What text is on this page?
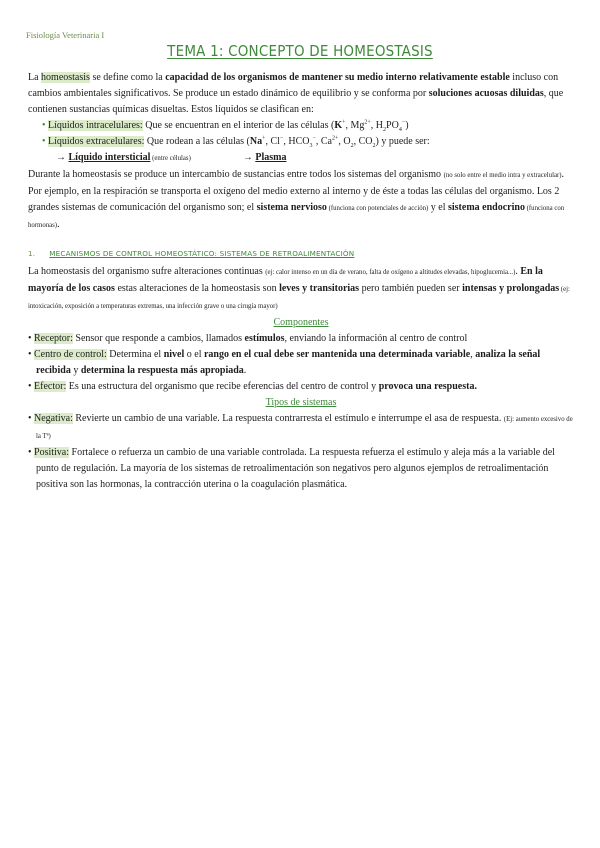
Fisiología Veterinaria I
TEMA 1: CONCEPTO DE HOMEOSTASIS

La homeostasis se define como la capacidad de los organismos de mantener su medio interno relativamente estable incluso con cambios ambientales significativos. Se produce un estado dinámico de equilibrio y se conforma por soluciones acuosas diluidas, que contienen sustancias químicas disueltas. Estos líquidos se clasifican en:

• Líquidos intracelulares: Que se encuentran en el interior de las células (K+, $Mg^{2+}$, $H_2PO_4^-$)

• Líquidos extracelulares: Que rodean a las células (Na+, Cl−, $HCO_3^-$, $Ca^{2+}$, $O_2$, $CO_2$) y puede ser:

→ Líquido intersticial (entre células)	→ Plasma

Durante la homeostasis se produce un intercambio de sustancias entre todos los sistemas del organismo (no solo entre el medio intra y extracelular). Por ejemplo, en la respiración se transporta el oxígeno del medio externo al interno y de éste a todas las células del organismo. Los 2 grandes sistemas de comunicación del organismo son; el sistema nervioso (funciona con potenciales de acción) y el sistema endocrino (funciona con hormonas).

1. MECANISMOS DE CONTROL HOMEOSTÁTICO: SISTEMAS DE RETROALIMENTACIÓN

La homeostasis del organismo sufre alteraciones continuas (ej: calor intenso en un día de verano, falta de oxígeno a altitudes elevadas, hipoglucemia...). En la mayoría de los casos estas alteraciones de la homeostasis son leves y transitorias pero también pueden ser intensas y prolongadas (ej: intoxicación, exposición a temperaturas extremas, una infección grave o una cirugía mayor)

Componentes

• Receptor: Sensor que responde a cambios, llamados estímulos, enviando la información al centro de control

• Centro de control: Determina el nivel o el rango en el cual debe ser mantenida una determinada variable, analiza la señal recibida y determina la respuesta más apropiada.

• Efector: Es una estructura del organismo que recibe eferencias del centro de control y provoca una respuesta.

Tipos de sistemas

• Negativa: Revierte un cambio de una variable. La respuesta contrarresta el estímulo e interrumpe el asa de respuesta. (Ej: aumento excesivo de la Tª)

• Positiva: Fortalece o refuerza un cambio de una variable controlada. La respuesta refuerza el estímulo y aleja más a la variable del punto de regulación. La mayoría de los sistemas de retroalimentación son negativos pero algunos ejemplos de retroalimentación positiva son las hormonas, la contracción uterina o la coagulación plasmática.
